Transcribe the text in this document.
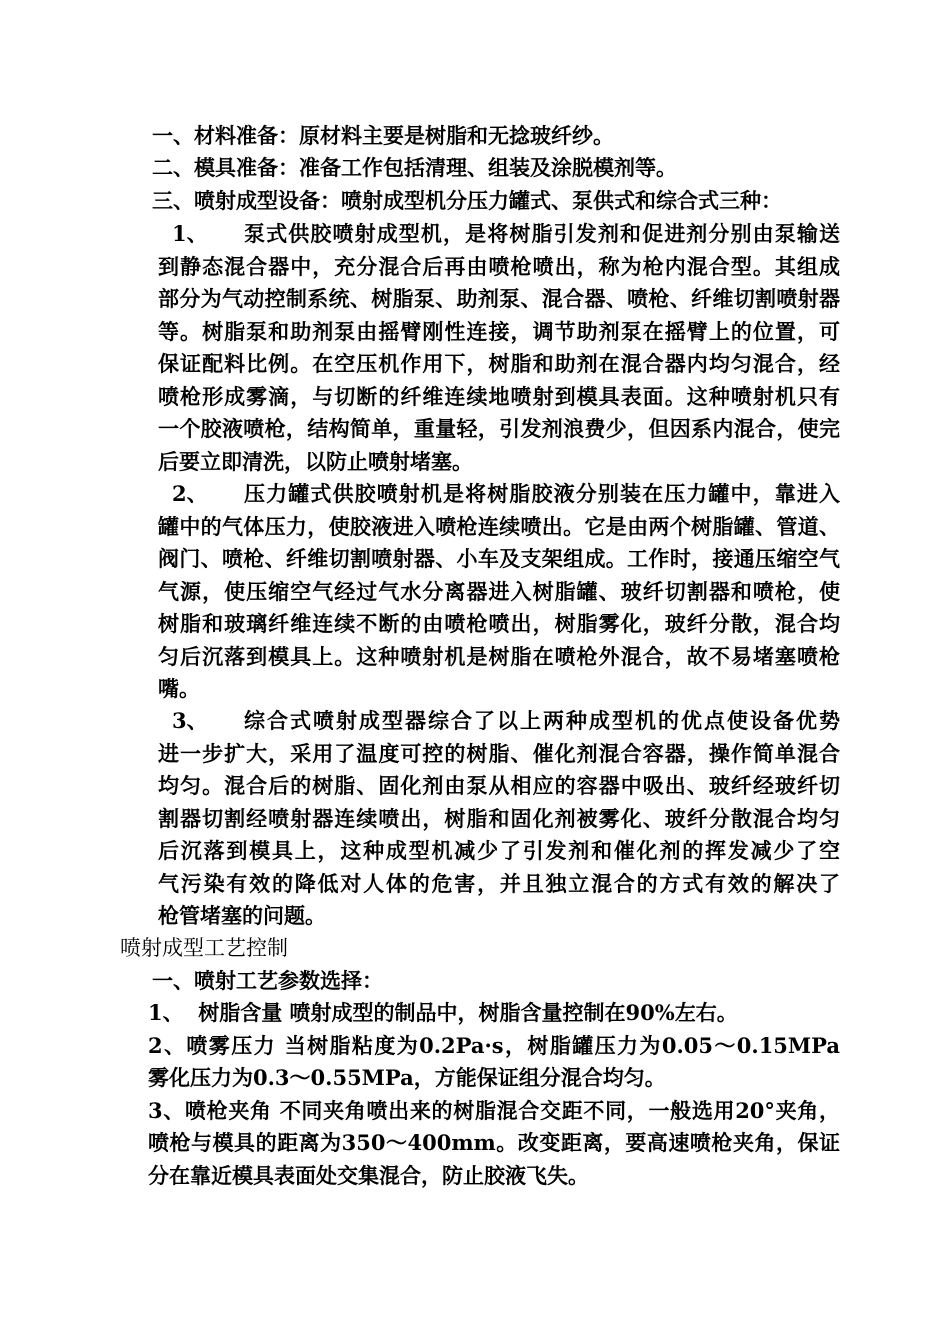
一、材料准备：原材料主要是树脂和无捻玻纤纱。
二、模具准备：准备工作包括清理、组装及涂脱模剂等。
三、喷射成型设备：喷射成型机分压力罐式、泵供式和综合式三种：
1、 泵式供胶喷射成型机，是将树脂引发剂和促进剂分别由泵输送
到静态混合器中，充分混合后再由喷枪喷出，称为枪内混合型。其组成
部分为气动控制系统、树脂泵、助剂泵、混合器、喷枪、纤维切割喷射器
等。树脂泵和助剂泵由摇臂刚性连接，调节助剂泵在摇臂上的位置，可
保证配料比例。在空压机作用下，树脂和助剂在混合器内均匀混合，经
喷枪形成雾滴，与切断的纤维连续地喷射到模具表面。这种喷射机只有
一个胶液喷枪，结构简单，重量轻，引发剂浪费少，但因系内混合，使完
后要立即清洗，以防止喷射堵塞。
2、 压力罐式供胶喷射机是将树脂胶液分别装在压力罐中，靠进入
罐中的气体压力，使胶液进入喷枪连续喷出。它是由两个树脂罐、管道、
阀门、喷枪、纤维切割喷射器、小车及支架组成。工作时，接通压缩空气
气源，使压缩空气经过气水分离器进入树脂罐、玻纤切割器和喷枪，使
树脂和玻璃纤维连续不断的由喷枪喷出，树脂雾化，玻纤分散，混合均
匀后沉落到模具上。这种喷射机是树脂在喷枪外混合，故不易堵塞喷枪
嘴。
3、 综合式喷射成型器综合了以上两种成型机的优点使设备优势
进一步扩大，采用了温度可控的树脂、催化剂混合容器，操作简单混合
均匀。混合后的树脂、固化剂由泵从相应的容器中吸出、玻纤经玻纤切
割器切割经喷射器连续喷出，树脂和固化剂被雾化、玻纤分散混合均匀
后沉落到模具上，这种成型机减少了引发剂和催化剂的挥发减少了空
气污染有效的降低对人体的危害，并且独立混合的方式有效的解决了
枪管堵塞的问题。
喷射成型工艺控制
一、喷射工艺参数选择：
1、  树脂含量 喷射成型的制品中，树脂含量控制在90%左右。
2、喷雾压力 当树脂粘度为0.2Pa·s，树脂罐压力为0.05～0.15MPa
雾化压力为0.3～0.55MPa，方能保证组分混合均匀。
3、喷枪夹角 不同夹角喷出来的树脂混合交距不同，一般选用20°夹角，
喷枪与模具的距离为350～400mm。改变距离，要高速喷枪夹角，保证
分在靠近模具表面处交集混合，防止胶液飞失。
